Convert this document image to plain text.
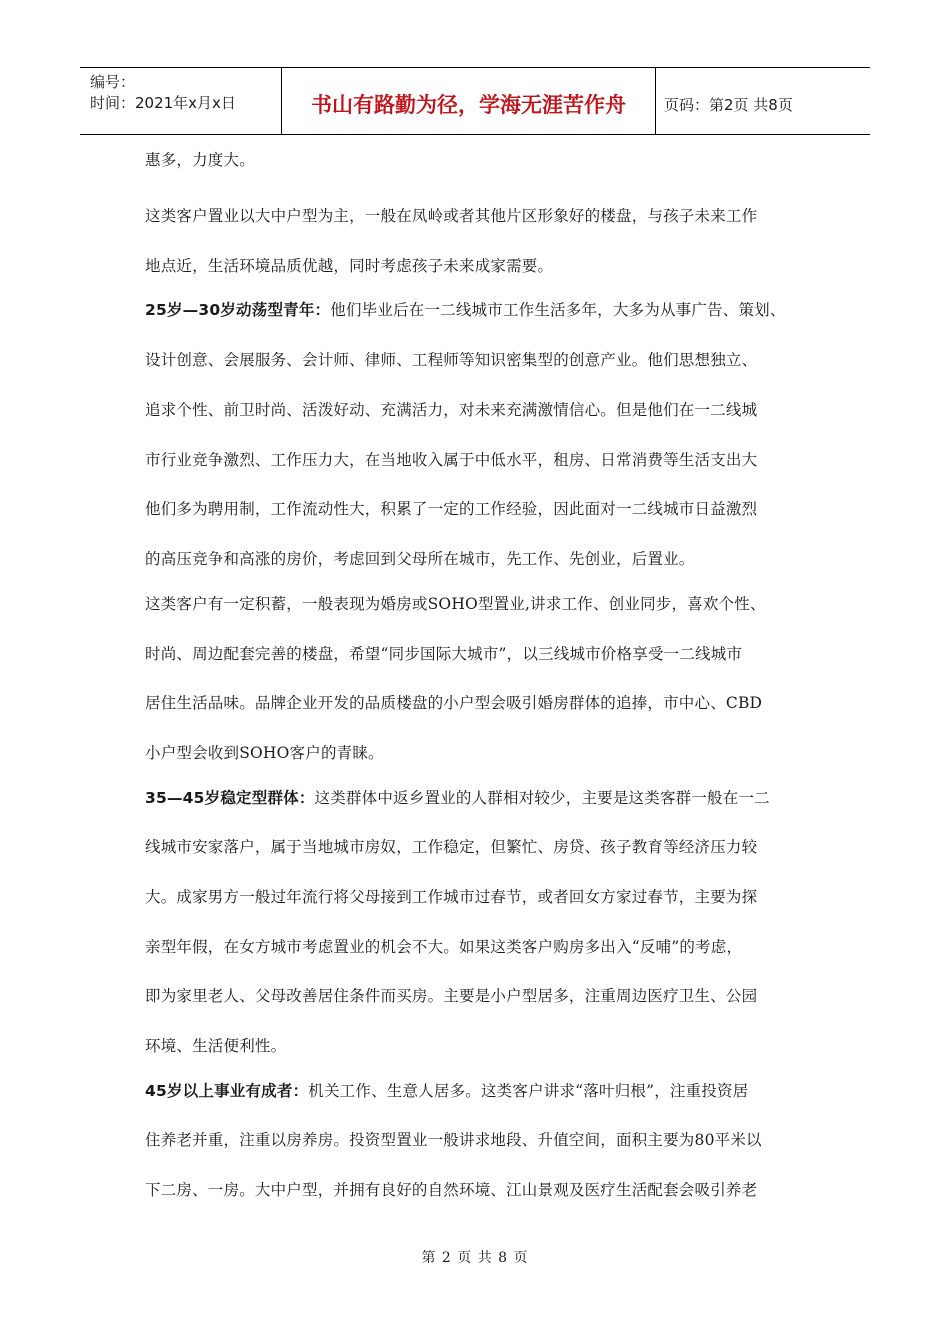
编号：
时间：2021年x月x日	书山有路勤为径，学海无涯苦作舟	页码：第2页 共8页
惠多，力度大。
这类客户置业以大中户型为主，一般在凤岭或者其他片区形象好的楼盘，与孩子未来工作
地点近，生活环境品质优越，同时考虑孩子未来成家需要。
25岁—30岁动荡型青年：他们毕业后在一二线城市工作生活多年，大多为从事广告、策划、
设计创意、会展服务、会计师、律师、工程师等知识密集型的创意产业。他们思想独立、
追求个性、前卫时尚、活泼好动、充满活力，对未来充满激情信心。但是他们在一二线城
市行业竞争激烈、工作压力大，在当地收入属于中低水平，租房、日常消费等生活支出大
他们多为聘用制，工作流动性大，积累了一定的工作经验，因此面对一二线城市日益激烈
的高压竞争和高涨的房价，考虑回到父母所在城市，先工作、先创业，后置业。
这类客户有一定积蓄，一般表现为婚房或SOHO型置业,讲求工作、创业同步，喜欢个性、
时尚、周边配套完善的楼盘，希望“同步国际大城市”，以三线城市价格享受一二线城市
居住生活品味。品牌企业开发的品质楼盘的小户型会吸引婚房群体的追捧，市中心、CBD
小户型会收到SOHO客户的青睐。
35—45岁稳定型群体：这类群体中返乡置业的人群相对较少，主要是这类客群一般在一二
线城市安家落户，属于当地城市房奴，工作稳定，但繁忙、房贷、孩子教育等经济压力较
大。成家男方一般过年流行将父母接到工作城市过春节，或者回女方家过春节，主要为探
亲型年假，在女方城市考虑置业的机会不大。如果这类客户购房多出入“反哺”的考虑，
即为家里老人、父母改善居住条件而买房。主要是小户型居多，注重周边医疗卫生、公园
环境、生活便利性。
45岁以上事业有成者：机关工作、生意人居多。这类客户讲求“落叶归根”，注重投资居
住养老并重，注重以房养房。投资型置业一般讲求地段、升值空间，面积主要为80平米以
下二房、一房。大中户型，并拥有良好的自然环境、江山景观及医疗生活配套会吸引养老
第 2 页 共 8 页
